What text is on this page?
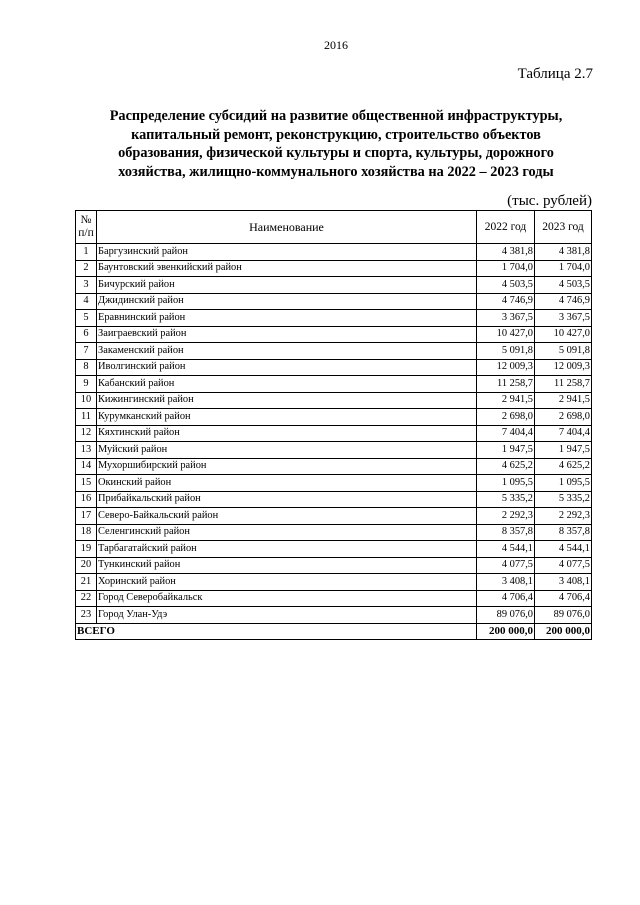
2016
Таблица 2.7
Распределение субсидий на развитие общественной инфраструктуры,
капитальный ремонт, реконструкцию, строительство объектов
образования, физической культуры и спорта, культуры, дорожного
хозяйства, жилищно-коммунального хозяйства на 2022 – 2023 годы
(тыс. рублей)
№
п/п	Наименование	2022 год	2023 год
1	Баргузинский район	4 381,8	4 381,8
2	Баунтовский эвенкийский район	1 704,0	1 704,0
3	Бичурский район	4 503,5	4 503,5
4	Джидинский район	4 746,9	4 746,9
5	Еравнинский район	3 367,5	3 367,5
6	Заиграевский район	10 427,0	10 427,0
7	Закаменский район	5 091,8	5 091,8
8	Иволгинский район	12 009,3	12 009,3
9	Кабанский район	11 258,7	11 258,7
10	Кижингинский район	2 941,5	2 941,5
11	Курумканский район	2 698,0	2 698,0
12	Кяхтинский район	7 404,4	7 404,4
13	Муйский район	1 947,5	1 947,5
14	Мухоршибирский район	4 625,2	4 625,2
15	Окинский район	1 095,5	1 095,5
16	Прибайкальский район	5 335,2	5 335,2
17	Северо-Байкальский район	2 292,3	2 292,3
18	Селенгинский район	8 357,8	8 357,8
19	Тарбагатайский район	4 544,1	4 544,1
20	Тункинский район	4 077,5	4 077,5
21	Хоринский район	3 408,1	3 408,1
22	Город Северобайкальск	4 706,4	4 706,4
23	Город Улан-Удэ	89 076,0	89 076,0
ВСЕГО		200 000,0	200 000,0
